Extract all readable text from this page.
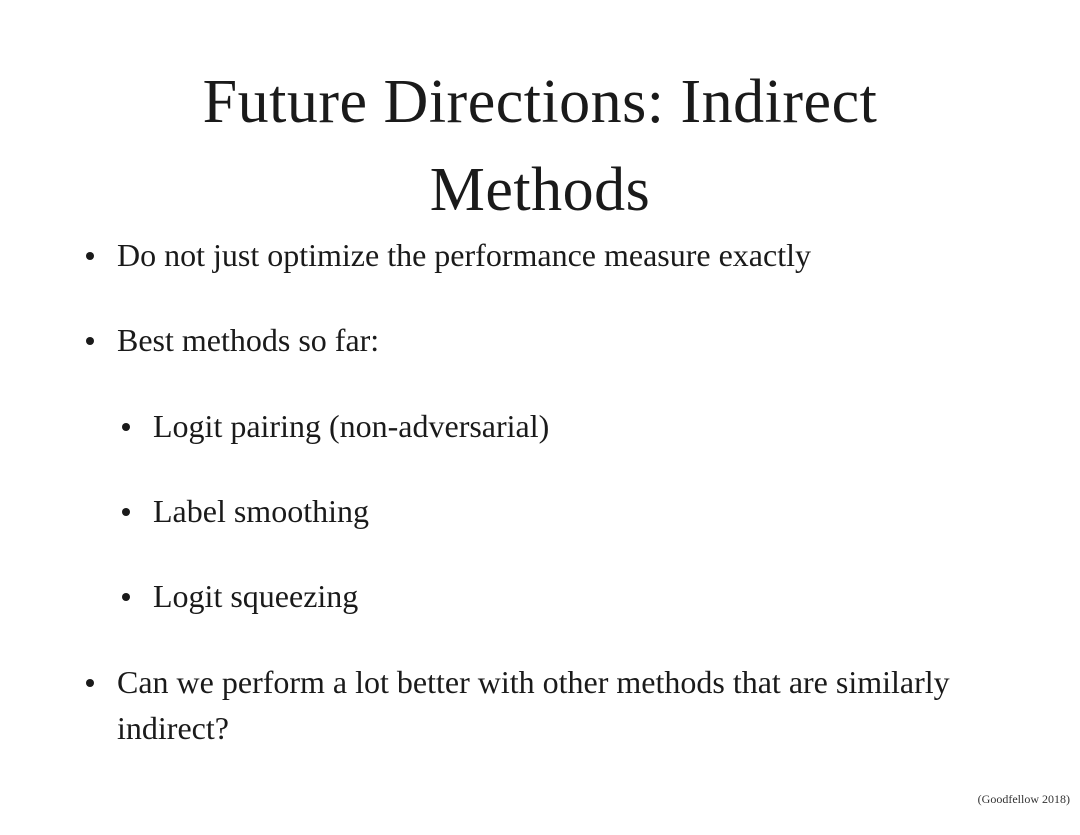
Future Directions: Indirect
Methods
Do not just optimize the performance measure exactly
Best methods so far:
Logit pairing (non-adversarial)
Label smoothing
Logit squeezing
Can we perform a lot better with other methods that are similarly indirect?
(Goodfellow 2018)
